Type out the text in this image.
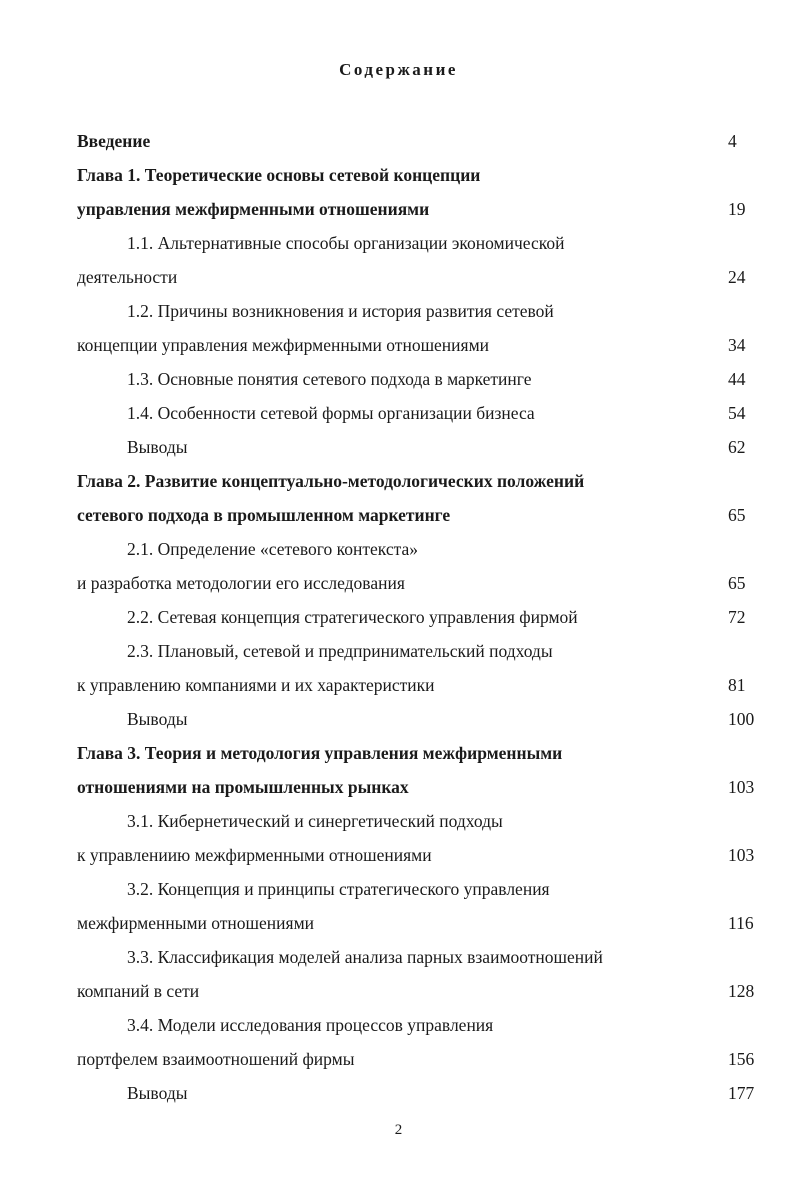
Содержание
Введение	4
Глава 1. Теоретические основы сетевой концепции
управления межфирменными отношениями	19
1.1. Альтернативные способы организации экономической
деятельности	24
1.2. Причины возникновения и история развития сетевой
концепции управления межфирменными отношениями	34
1.3. Основные понятия сетевого подхода в маркетинге	44
1.4. Особенности сетевой формы организации бизнеса	54
Выводы	62
Глава 2. Развитие концептуально-методологических положений
сетевого подхода в промышленном маркетинге	65
2.1. Определение «сетевого контекста»
и разработка методологии его исследования	65
2.2. Сетевая концепция стратегического управления фирмой	72
2.3. Плановый, сетевой и предпринимательский подходы
к управлению компаниями и их характеристики	81
Выводы	100
Глава 3. Теория и методология управления межфирменными
отношениями на промышленных рынках	103
3.1. Кибернетический и синергетический подходы
к управлениию межфирменными отношениями	103
3.2. Концепция и принципы стратегического управления
межфирменными отношениями	116
3.3. Классификация моделей анализа парных взаимоотношений
компаний в сети	128
3.4. Модели исследования процессов управления
портфелем взаимоотношений фирмы	156
Выводы	177
2
